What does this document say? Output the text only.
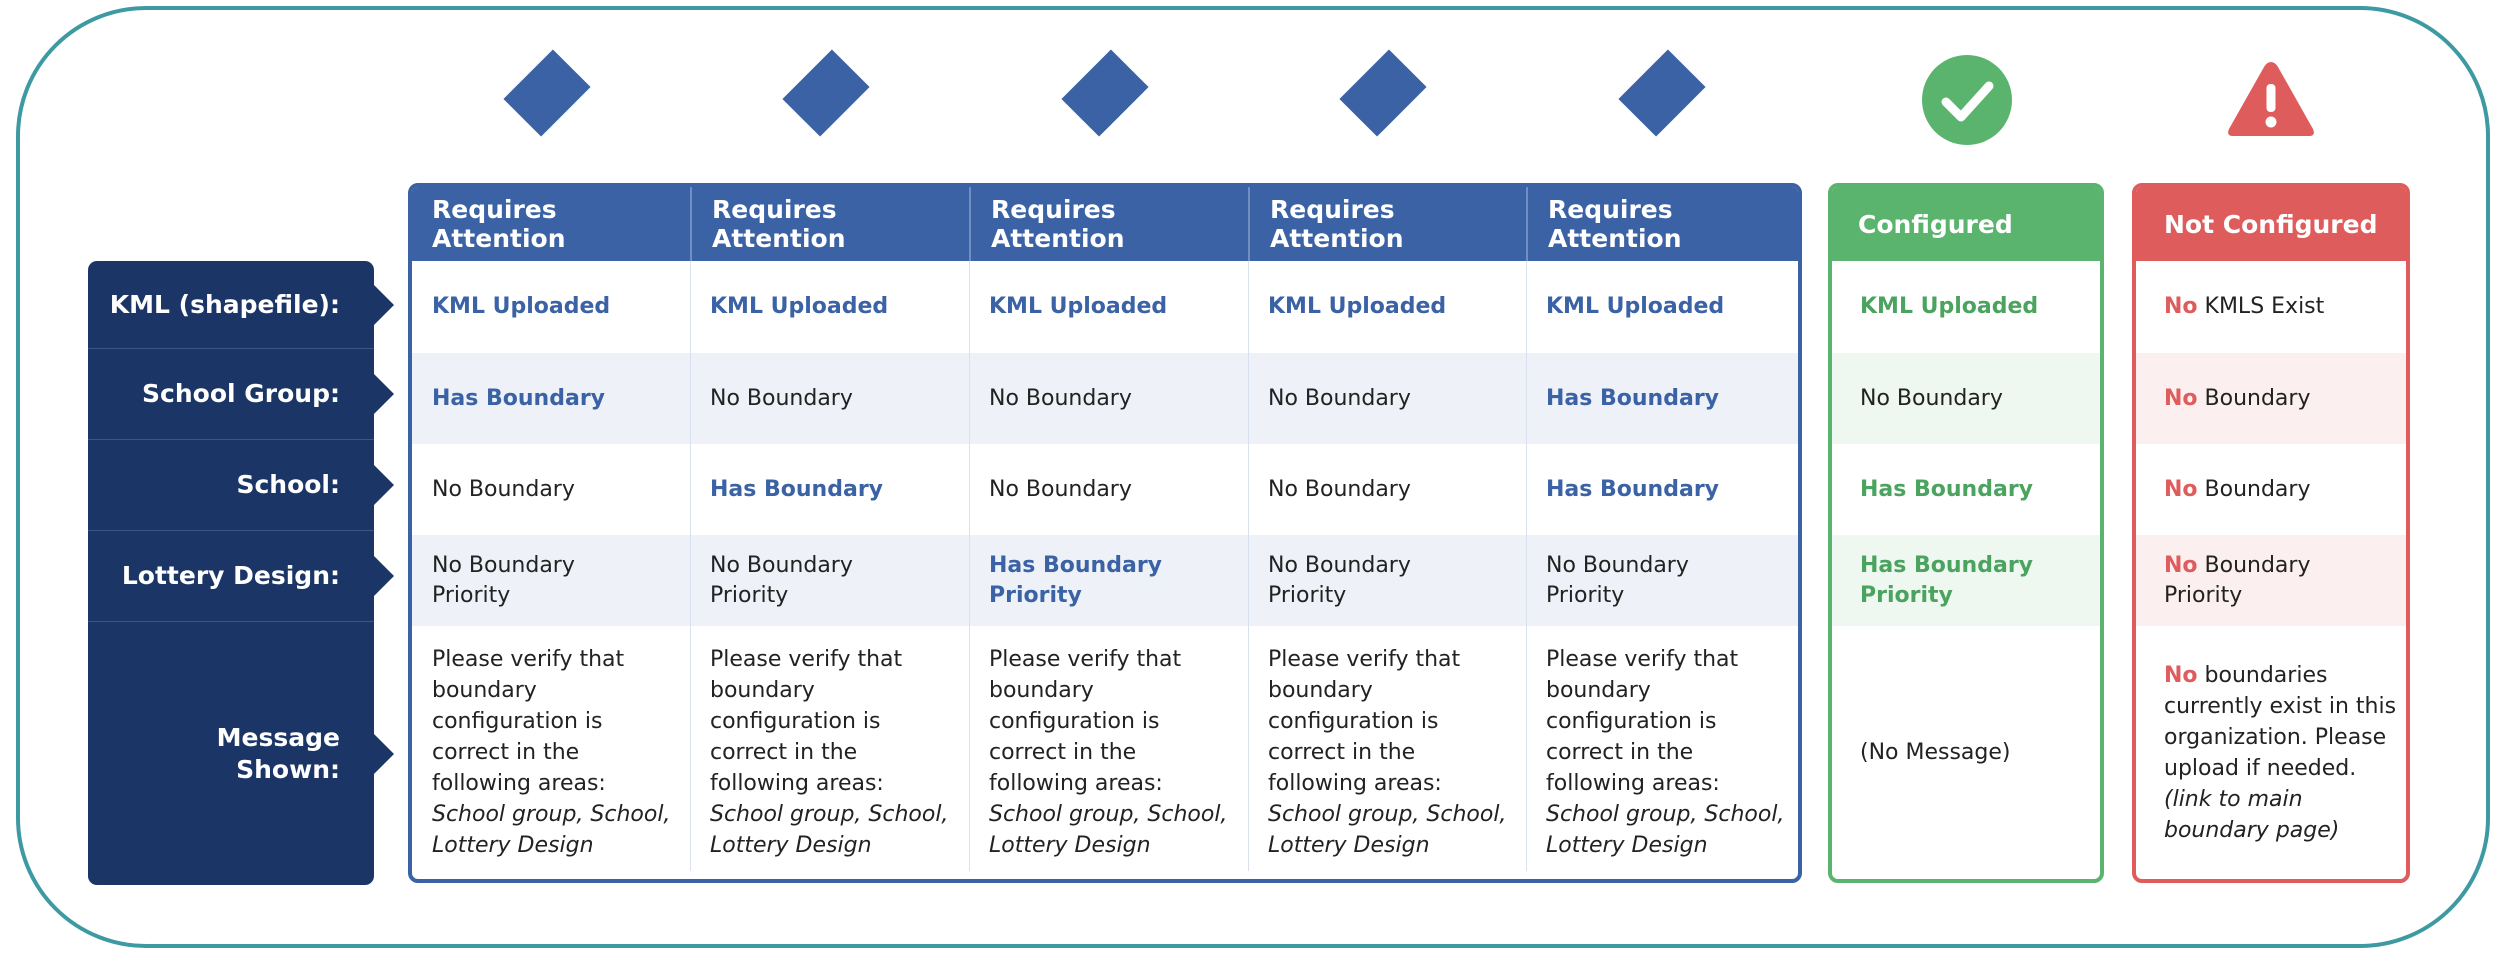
KML (shapefile):
School Group:
School:
Lottery Design:
Message Shown:
Requires Attention
Requires Attention
Requires Attention
Requires Attention
Requires Attention
KML Uploaded
Has Boundary
No Boundary
No Boundary
Priority
Please verify that
boundary
configuration is
correct in the
following areas:
School group, School,
Lottery Design
KML Uploaded
No Boundary
Has Boundary
No Boundary
Priority
Please verify that
boundary
configuration is
correct in the
following areas:
School group, School,
Lottery Design
KML Uploaded
No Boundary
No Boundary
Has Boundary
Priority
Please verify that
boundary
configuration is
correct in the
following areas:
School group, School,
Lottery Design
KML Uploaded
No Boundary
No Boundary
No Boundary
Priority
Please verify that
boundary
configuration is
correct in the
following areas:
School group, School,
Lottery Design
KML Uploaded
Has Boundary
Has Boundary
No Boundary
Priority
Please verify that
boundary
configuration is
correct in the
following areas:
School group, School,
Lottery Design
Configured
KML Uploaded
No Boundary
Has Boundary
Has Boundary
Priority
(No Message)
Not Configured
No KMLS Exist
No Boundary
No Boundary
No Boundary
Priority
No boundaries
currently exist in this
organization. Please
upload if needed.
(link to main
boundary page)
